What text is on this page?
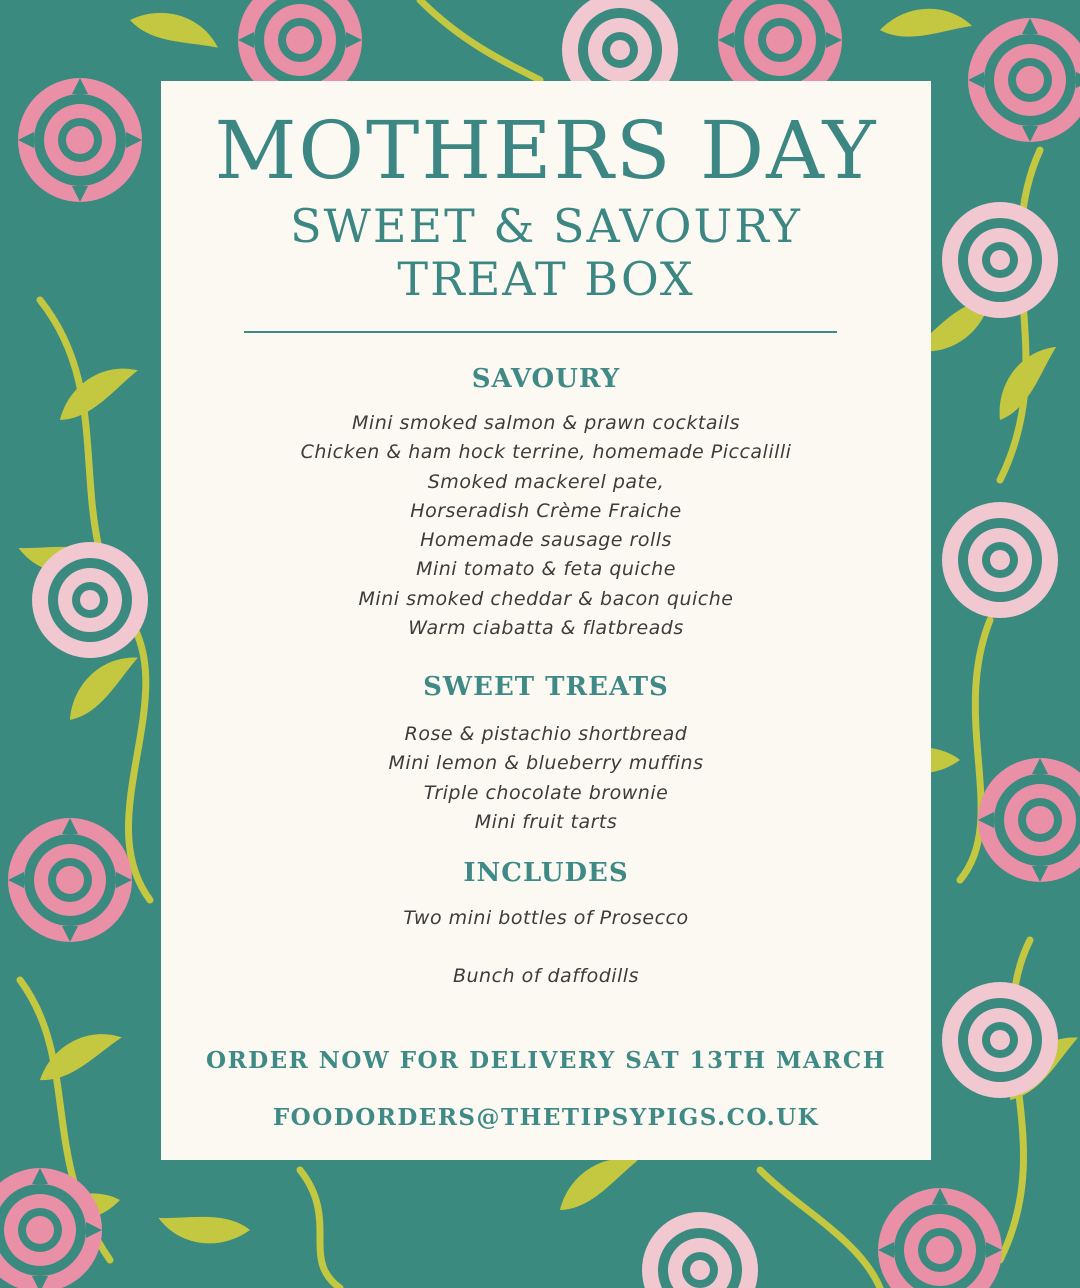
MOTHERS DAY
SWEET & SAVOURY
TREAT BOX
SAVOURY
Mini smoked salmon & prawn cocktails
Chicken & ham hock terrine, homemade Piccalilli
Smoked mackerel pate,
Horseradish Crème Fraiche
Homemade sausage rolls
Mini tomato & feta quiche
Mini smoked cheddar & bacon quiche
Warm ciabatta & flatbreads
SWEET TREATS
Rose & pistachio shortbread
Mini lemon & blueberry muffins
Triple chocolate brownie
Mini fruit tarts
INCLUDES
Two mini bottles of Prosecco
Bunch of daffodills
ORDER NOW FOR DELIVERY SAT 13TH MARCH
FOODORDERS@THETIPSYPIGS.CO.UK
